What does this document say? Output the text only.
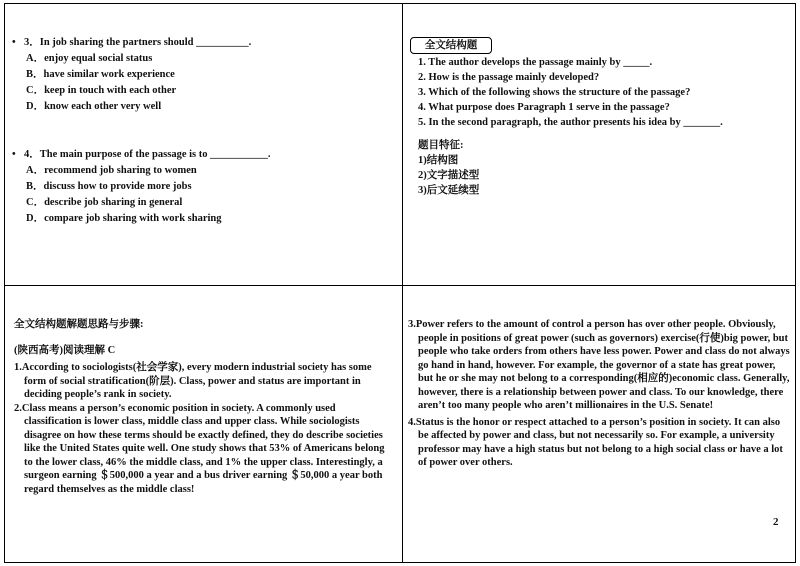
• 3．In job sharing the partners should __________.
A．enjoy equal social status
B．have similar work experience
C．keep in touch with each other
D．know each other very well
• 4．The main purpose of the passage is to ___________.
A．recommend job sharing to women
B．discuss how to provide more jobs
C．describe job sharing in general
D．compare job sharing with work sharing
全文结构题
1. The author develops the passage mainly by _____.
2. How is the passage mainly developed?
3. Which of the following shows the structure of the passage?
4. What purpose does Paragraph 1 serve in the passage?
5. In the second paragraph, the author presents his idea by _______.
题目特征:
1)结构图
2)文字描述型
3)后文延续型
全文结构题解题思路与步骤:
(陕西高考)阅读理解 C
1.According to sociologists(社会学家), every modern industrial society has some form of social stratification(阶层). Class, power and status are important in deciding people’s rank in society.
2.Class means a person’s economic position in society. A commonly used classification is lower class, middle class and upper class. While sociologists disagree on how these terms should be exactly defined, they do describe societies like the United States quite well. One study shows that 53% of Americans belong to the lower class, 46% the middle class, and 1% the upper class. Interestingly, a surgeon earning ＄500,000 a year and a bus driver earning ＄50,000 a year both regard themselves as the middle class!
3.Power refers to the amount of control a person has over other people. Obviously, people in positions of great power (such as governors) exercise(行使)big power, but people who take orders from others have less power. Power and class do not always go hand in hand, however. For example, the governor of a state has great power, but he or she may not belong to a corresponding(相应的)economic class. Generally, however, there is a relationship between power and class. To our knowledge, there aren’t too many people who aren’t millionaires in the U.S. Senate!
4.Status is the honor or respect attached to a person’s position in society. It can also be affected by power and class, but not necessarily so. For example, a university professor may have a high status but not belong to a high social class or have a lot of power over others.
2
